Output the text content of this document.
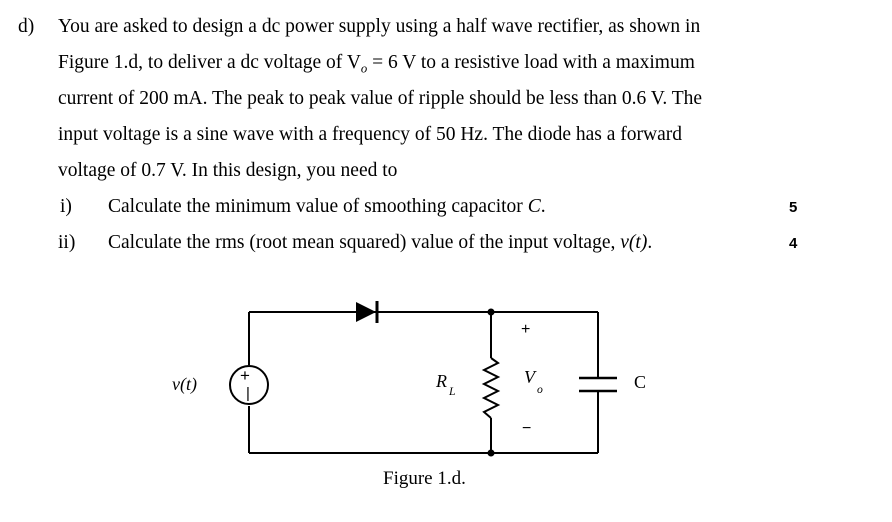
d) You are asked to design a dc power supply using a half wave rectifier, as shown in
Figure 1.d, to deliver a dc voltage of $V_o = 6$ V to a resistive load with a maximum
current of 200 mA. The peak to peak value of ripple should be less than 0.6 V. The
input voltage is a sine wave with a frequency of 50 Hz. The diode has a forward
voltage of 0.7 V. In this design, you need to
i) Calculate the minimum value of smoothing capacitor C.	5
ii) Calculate the rms (root mean squared) value of the input voltage, v(t).	4
+
|
v(t)	$R_L$
+
$V_o$
−
C
Figure 1.d.
